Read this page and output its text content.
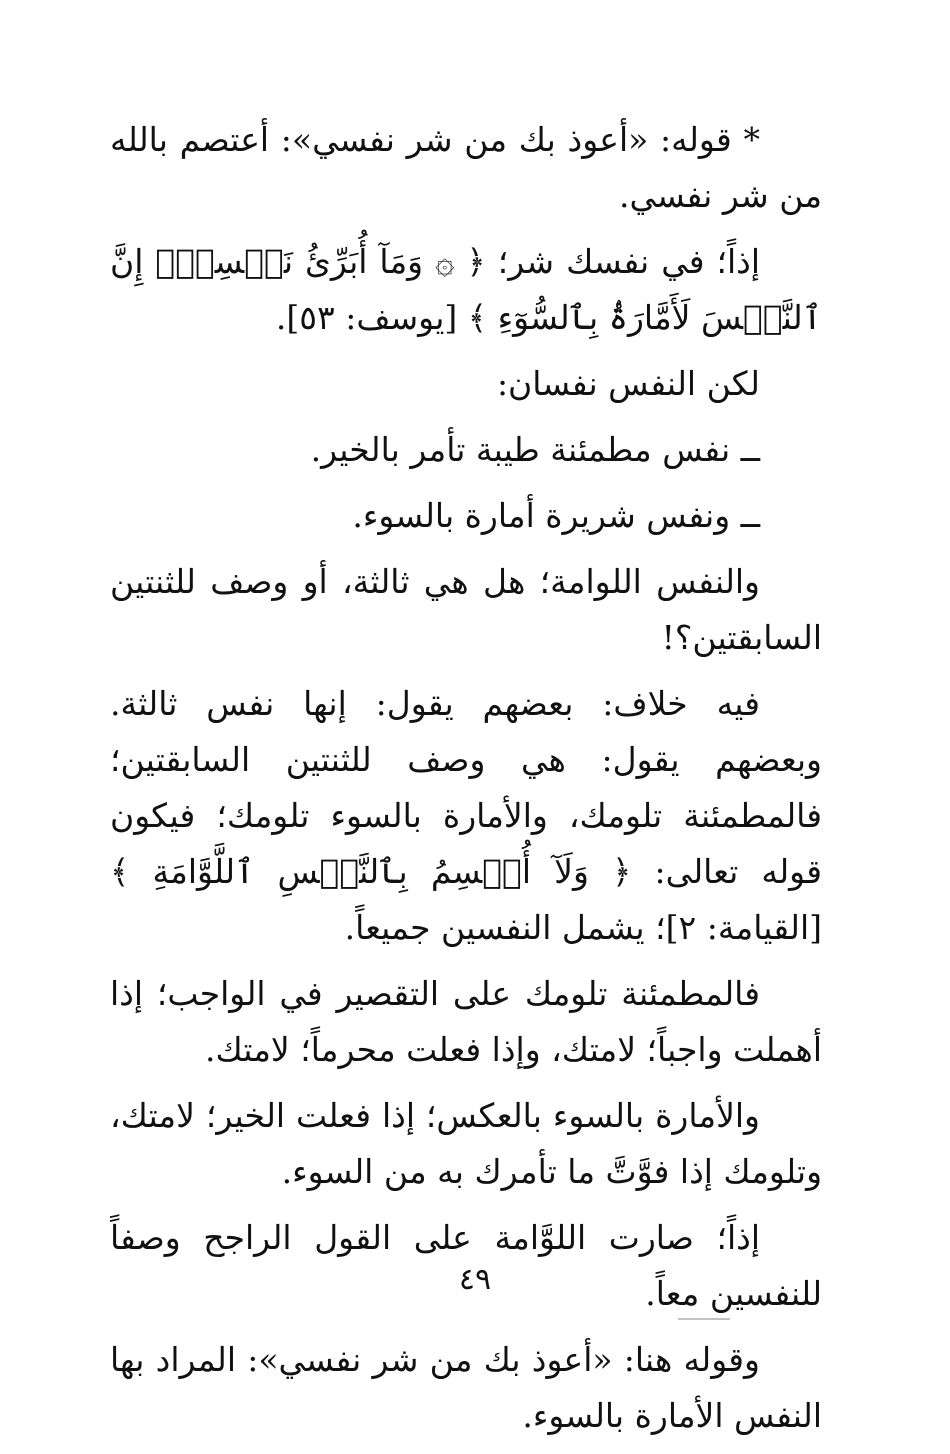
* قوله: «أعوذ بك من شر نفسي»: أعتصم بالله من شر نفسي.

إذاً؛ في نفسك شر؛ ﴿ ۞ وَمَآ أُبَرِّئُ نَفۡسِيٓۚ إِنَّ ٱلنَّفۡسَ لَأَمَّارَةُۢ بِٱلسُّوٓءِ ﴾ [يوسف: ٥٣].

لكن النفس نفسان:

ــ نفس مطمئنة طيبة تأمر بالخير.

ــ ونفس شريرة أمارة بالسوء.

والنفس اللوامة؛ هل هي ثالثة، أو وصف للثنتين السابقتين؟!

فيه خلاف: بعضهم يقول: إنها نفس ثالثة. وبعضهم يقول: هي وصف للثنتين السابقتين؛ فالمطمئنة تلومك، والأمارة بالسوء تلومك؛ فيكون قوله تعالى: ﴿ وَلَآ أُقۡسِمُ بِٱلنَّفۡسِ ٱللَّوَّامَةِ ﴾ [القيامة: ٢]؛ يشمل النفسين جميعاً.

فالمطمئنة تلومك على التقصير في الواجب؛ إذا أهملت واجباً؛ لامتك، وإذا فعلت محرماً؛ لامتك.

والأمارة بالسوء بالعكس؛ إذا فعلت الخير؛ لامتك، وتلومك إذا فوَّتَّ ما تأمرك به من السوء.

إذاً؛ صارت اللوَّامة على القول الراجح وصفاً للنفسين معاً.

وقوله هنا: «أعوذ بك من شر نفسي»: المراد بها النفس الأمارة بالسوء.

٤٩
